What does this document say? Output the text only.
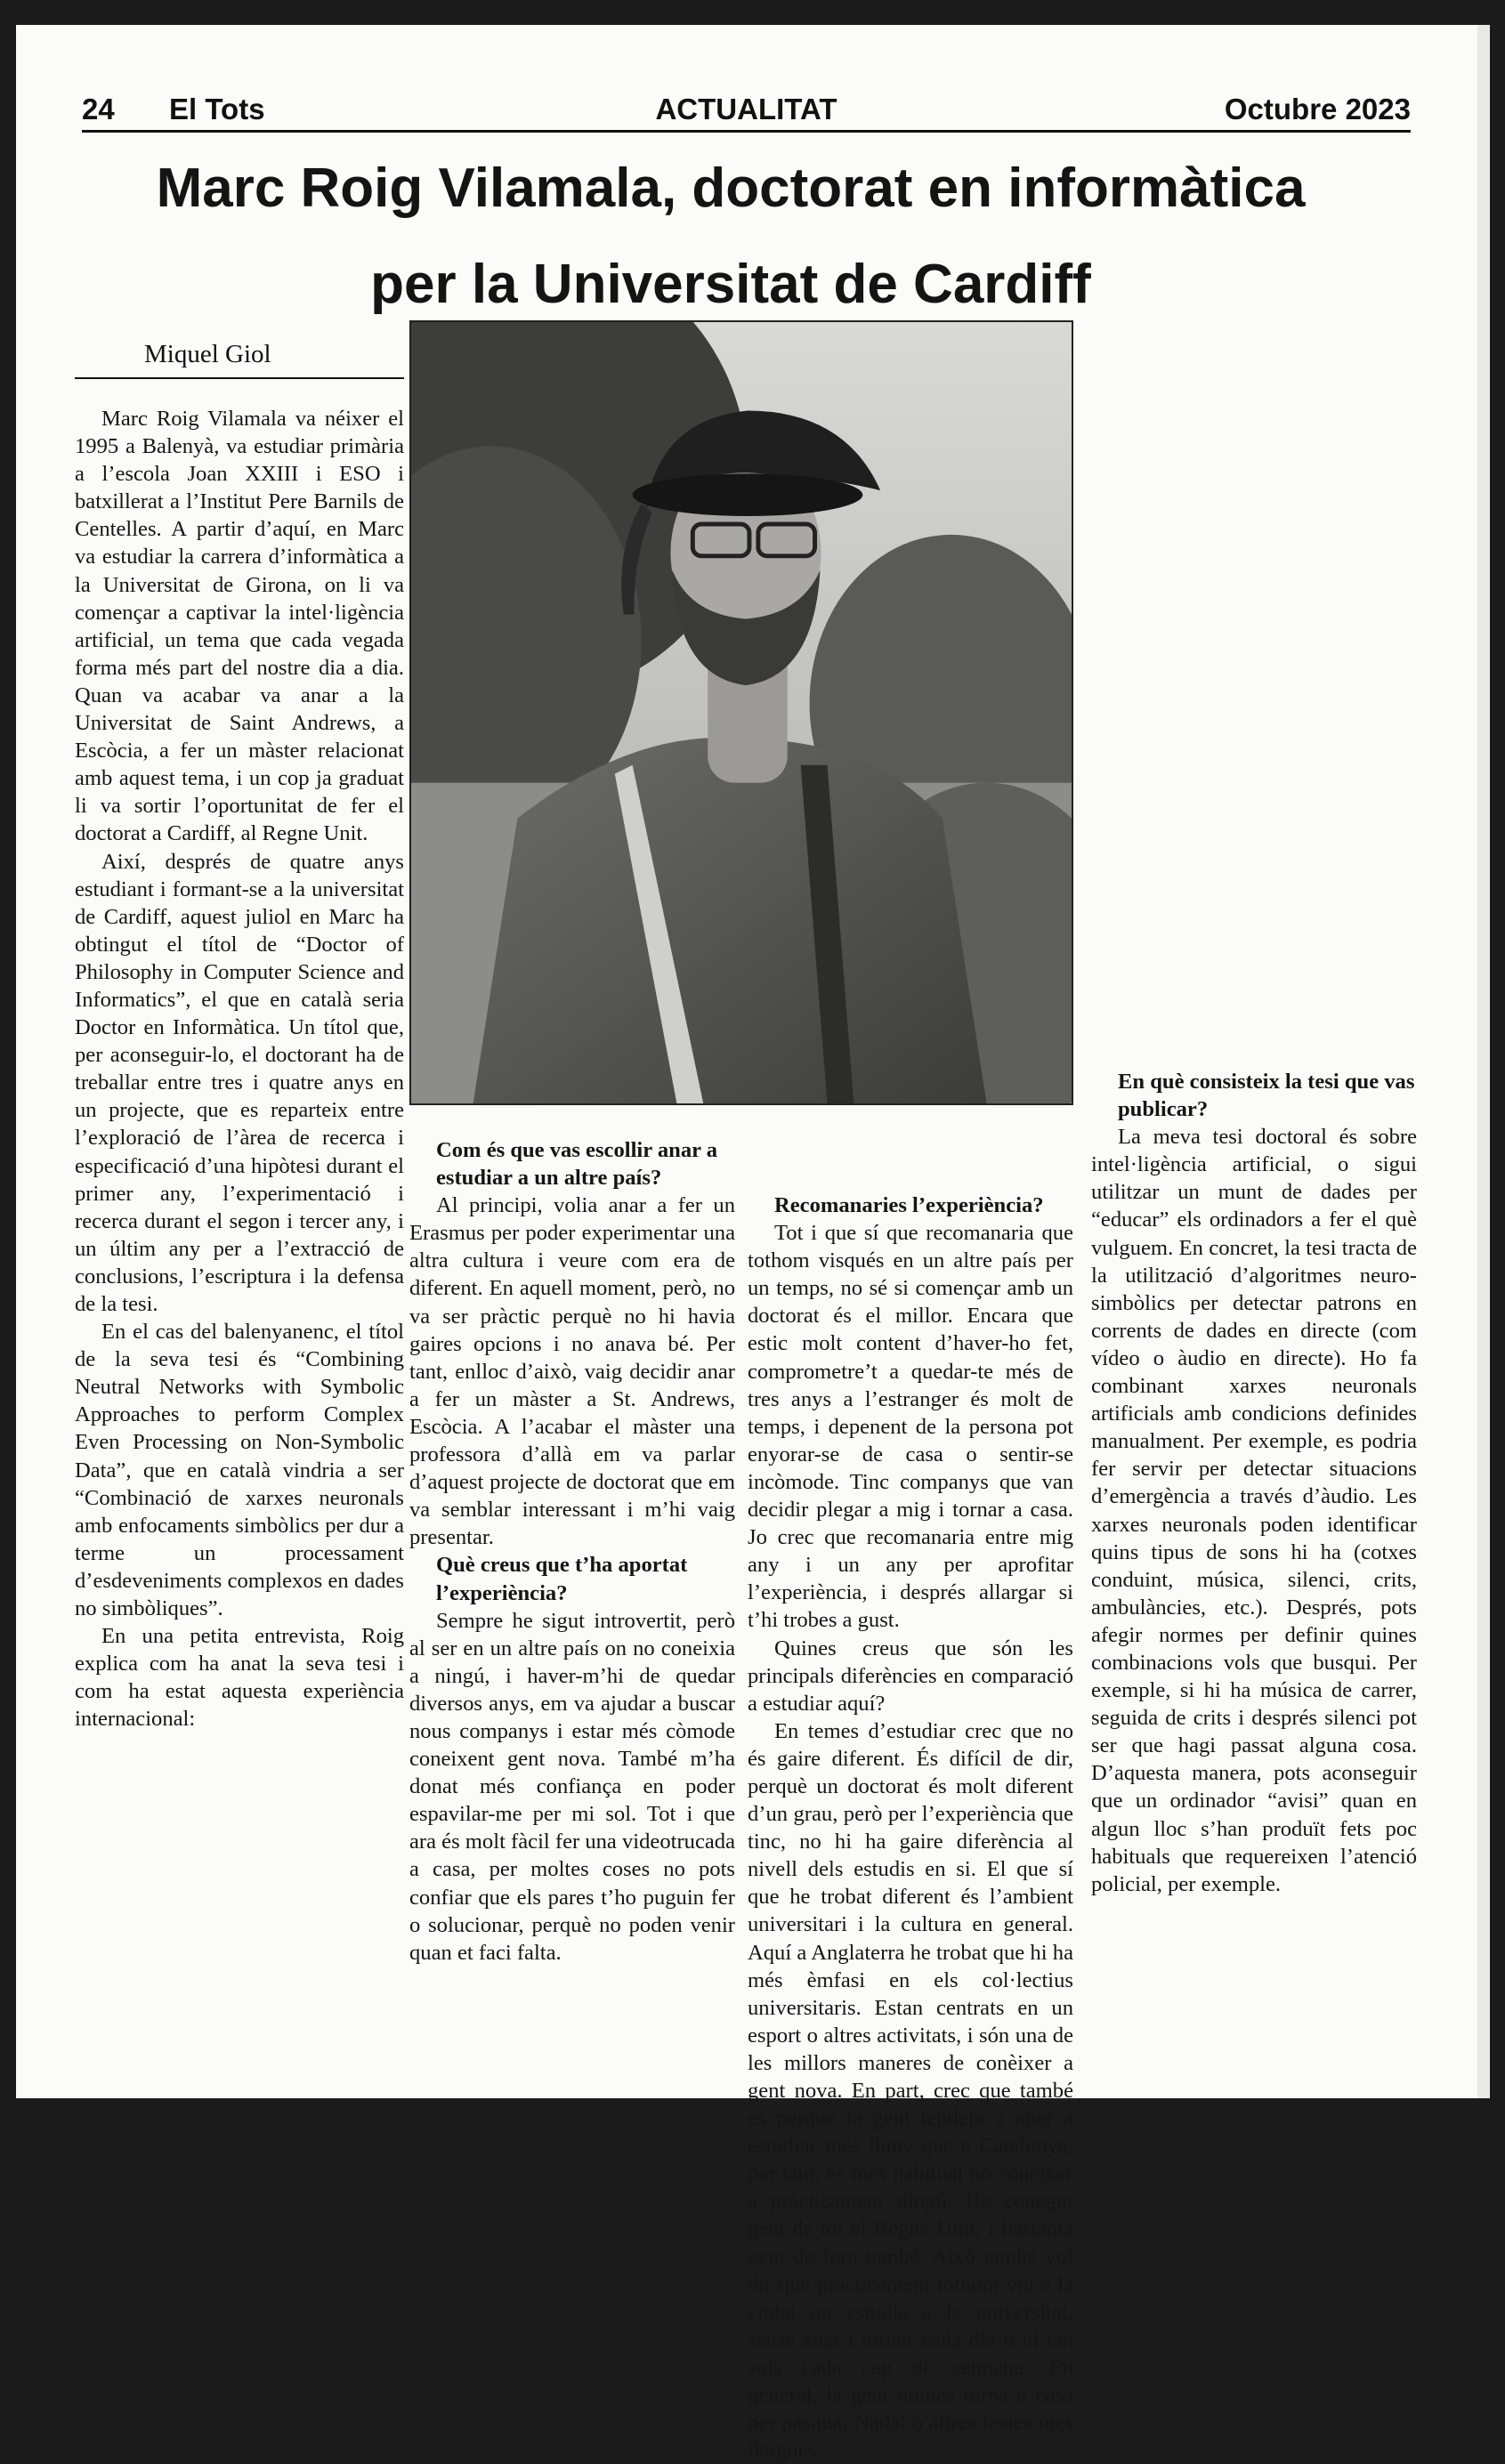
24 El Tots	ACTUALITAT	Octubre 2023
Marc Roig Vilamala, doctorat en informàtica
per la Universitat de Cardiff
Miquel Giol

Marc Roig Vilamala va néixer el 1995 a Balenyà, va estudiar primària a l’escola Joan XXIII i ESO i batxillerat a l’Institut Pere Barnils de Centelles. A partir d’aquí, en Marc va estudiar la carrera d’informàtica a la Universitat de Girona, on li va començar a captivar la intel·ligència artificial, un tema que cada vegada forma més part del nostre dia a dia. Quan va acabar va anar a la Universitat de Saint Andrews, a Escòcia, a fer un màster relacionat amb aquest tema, i un cop ja graduat li va sortir l’oportunitat de fer el doctorat a Cardiff, al Regne Unit.

Així, després de quatre anys estudiant i formant-se a la universitat de Cardiff, aquest juliol en Marc ha obtingut el títol de “Doctor of Philosophy in Computer Science and Informatics”, el que en català seria Doctor en Informàtica. Un títol que, per aconseguir-lo, el doctorant ha de treballar entre tres i quatre anys en un projecte, que es reparteix entre l’exploració de l’àrea de recerca i especificació d’una hipòtesi durant el primer any, l’experimentació i recerca durant el segon i tercer any, i un últim any per a l’extracció de conclusions, l’escriptura i la defensa de la tesi.

En el cas del balenyanenc, el títol de la seva tesi és “Combining Neutral Networks with Symbolic Approaches to perform Complex Even Processing on Non-Symbolic Data”, que en català vindria a ser “Combinació de xarxes neuronals amb enfocaments simbòlics per dur a terme un processament d’esdeveniments complexos en dades no simbòliques”.

En una petita entrevista, Roig explica com ha anat la seva tesi i com ha estat aquesta experiència internacional:

Com és que vas escollir anar a estudiar a un altre país?

Al principi, volia anar a fer un Erasmus per poder experimentar una altra cultura i veure com era de diferent. En aquell moment, però, no va ser pràctic perquè no hi havia gaires opcions i no anava bé. Per tant, enlloc d’això, vaig decidir anar a fer un màster a St. Andrews, Escòcia. A l’acabar el màster una professora d’allà em va parlar d’aquest projecte de doctorat que em va semblar interessant i m’hi vaig presentar.

Què creus que t’ha aportat l’experiència?

Sempre he sigut introvertit, però al ser en un altre país on no coneixia a ningú, i haver-m’hi de quedar diversos anys, em va ajudar a buscar nous companys i estar més còmode coneixent gent nova. També m’ha donat més confiança en poder espavilar-me per mi sol. Tot i que ara és molt fàcil fer una videotrucada a casa, per moltes coses no pots confiar que els pares t’ho puguin fer o solucionar, perquè no poden venir quan et faci falta.

Recomanaries l’experiència?

Tot i que sí que recomanaria que tothom visqués en un altre país per un temps, no sé si començar amb un doctorat és el millor. Encara que estic molt content d’haver-ho fet, comprometre’t a quedar-te més de tres anys a l’estranger és molt de temps, i depenent de la persona pot enyorar-se de casa o sentir-se incòmode. Tinc companys que van decidir plegar a mig i tornar a casa. Jo crec que recomanaria entre mig any i un any per aprofitar l’experiència, i després allargar si t’hi trobes a gust.

Quines creus que són les principals diferències en comparació a estudiar aquí?

En temes d’estudiar crec que no és gaire diferent. És difícil de dir, perquè un doctorat és molt diferent d’un grau, però per l’experiència que tinc, no hi ha gaire diferència al nivell dels estudis en si. El que sí que he trobat diferent és l’ambient universitari i la cultura en general. Aquí a Anglaterra he trobat que hi ha més èmfasi en els col·lectius universitaris. Estan centrats en un esport o altres activitats, i són una de les millors maneres de conèixer a gent nova. En part, crec que també és perquè la gent tendeix a anar a estudiar més lluny que a Catalunya, per tant, és més habitual no conèixer a pràcticament ningú. He conegut gent de tot el Regne Unit, i bastanta gent de fora també. Això també vol dir que pràcticament tothom viu a la ciutat on estudia a la universitat, sense anar i tornar cada dia o ni tan sols cada cap de setmana. En general, la gent només torna a casa per pasqua, Nadal o altres festes més llargues.

En què consisteix la tesi que vas publicar?

La meva tesi doctoral és sobre intel·ligència artificial, o sigui utilitzar un munt de dades per “educar” els ordinadors a fer el què vulguem. En concret, la tesi tracta de la utilització d’algoritmes neuro-simbòlics per detectar patrons en corrents de dades en directe (com vídeo o àudio en directe). Ho fa combinant xarxes neuronals artificials amb condicions definides manualment. Per exemple, es podria fer servir per detectar situacions d’emergència a través d’àudio. Les xarxes neuronals poden identificar quins tipus de sons hi ha (cotxes conduint, música, silenci, crits, ambulàncies, etc.). Després, pots afegir normes per definir quines combinacions vols que busqui. Per exemple, si hi ha música de carrer, seguida de crits i després silenci pot ser que hagi passat alguna cosa. D’aquesta manera, pots aconseguir que un ordinador “avisi” quan en algun lloc s’han produït fets poc habituals que requereixen l’atenció policial, per exemple.
